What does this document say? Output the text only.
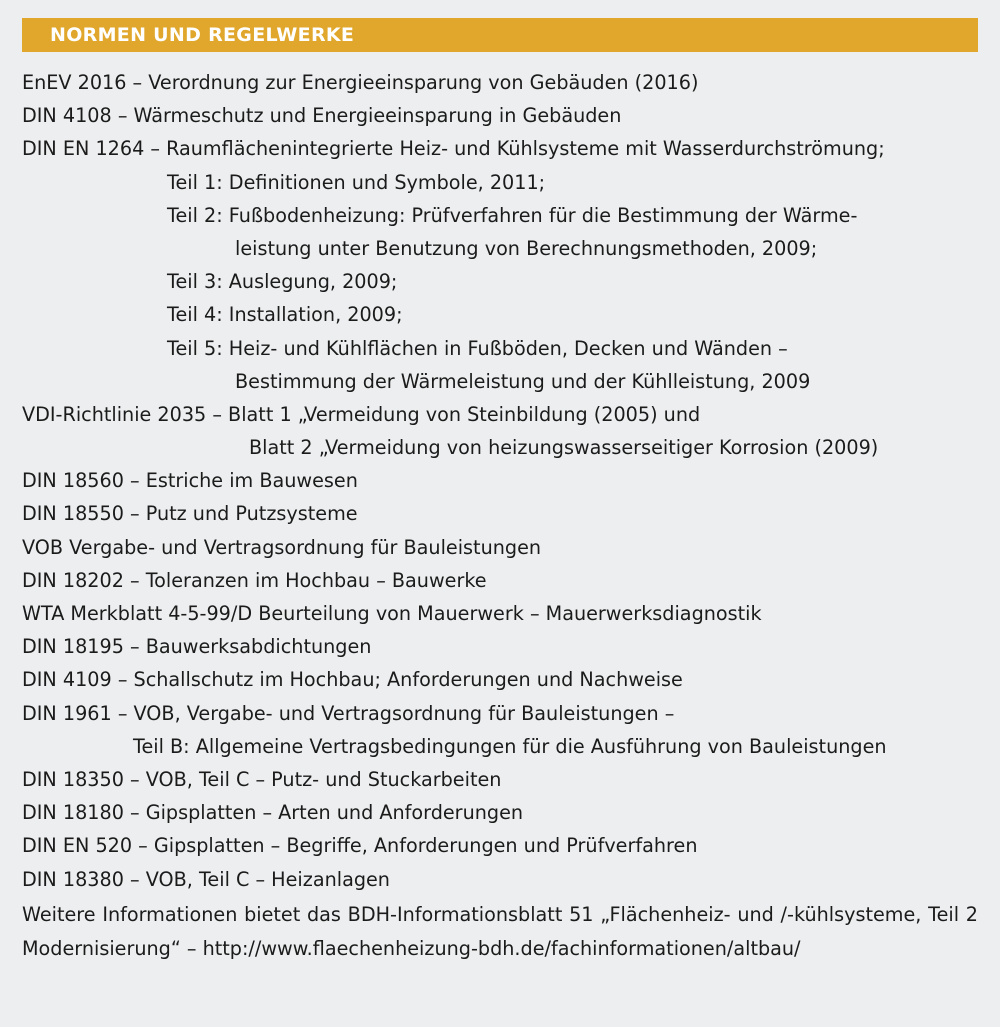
NORMEN UND REGELWERKE
EnEV 2016 – Verordnung zur Energieeinsparung von Gebäuden (2016)
DIN 4108 – Wärmeschutz und Energieeinsparung in Gebäuden
DIN EN 1264 – Raumflächenintegrierte Heiz- und Kühlsysteme mit Wasserdurchströmung;
Teil 1: Definitionen und Symbole, 2011;
Teil 2: Fußbodenheizung: Prüfverfahren für die Bestimmung der Wärme-
leistung unter Benutzung von Berechnungsmethoden, 2009;
Teil 3: Auslegung, 2009;
Teil 4: Installation, 2009;
Teil 5: Heiz- und Kühlflächen in Fußböden, Decken und Wänden –
Bestimmung der Wärmeleistung und der Kühlleistung, 2009
VDI-Richtlinie 2035 – Blatt 1 „Vermeidung von Steinbildung (2005) und
Blatt 2 „Vermeidung von heizungswasserseitiger Korrosion (2009)
DIN 18560 – Estriche im Bauwesen
DIN 18550 – Putz und Putzsysteme
VOB Vergabe- und Vertragsordnung für Bauleistungen
DIN 18202 – Toleranzen im Hochbau – Bauwerke
WTA Merkblatt 4-5-99/D Beurteilung von Mauerwerk – Mauerwerksdiagnostik
DIN 18195 – Bauwerksabdichtungen
DIN 4109 – Schallschutz im Hochbau; Anforderungen und Nachweise
DIN 1961 – VOB, Vergabe- und Vertragsordnung für Bauleistungen –
Teil B: Allgemeine Vertragsbedingungen für die Ausführung von Bauleistungen
DIN 18350 – VOB, Teil C – Putz- und Stuckarbeiten
DIN 18180 – Gipsplatten – Arten und Anforderungen
DIN EN 520 – Gipsplatten – Begriffe, Anforderungen und Prüfverfahren
DIN 18380 – VOB, Teil C – Heizanlagen
Weitere Informationen bietet das BDH-Informationsblatt 51 „Flächenheiz- und /-kühlsysteme, Teil 2 Modernisierung“ – http://www.flaechenheizung-bdh.de/fachinformationen/altbau/
